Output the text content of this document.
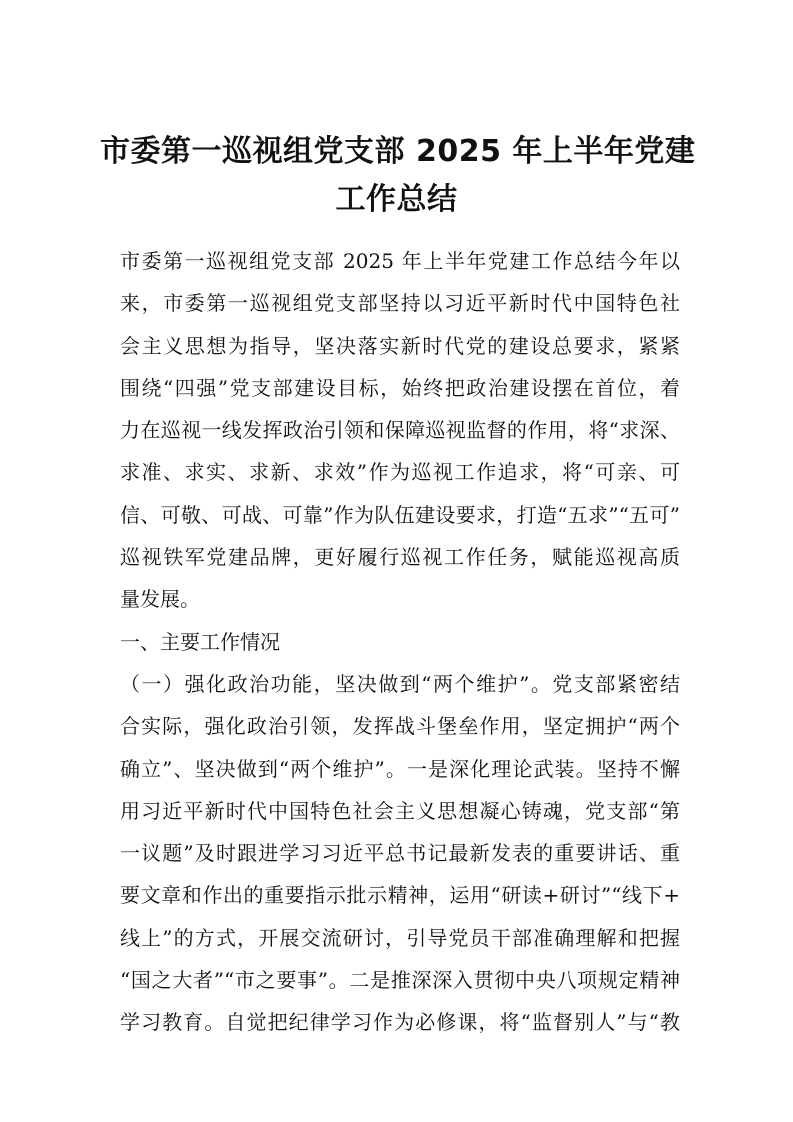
市委第一巡视组党支部 2025 年上半年党建
工作总结
市委第一巡视组党支部 2025 年上半年党建工作总结今年以
来，市委第一巡视组党支部坚持以习近平新时代中国特色社
会主义思想为指导，坚决落实新时代党的建设总要求，紧紧
围绕“四强”党支部建设目标，始终把政治建设摆在首位，着
力在巡视一线发挥政治引领和保障巡视监督的作用，将“求深、
求准、求实、求新、求效”作为巡视工作追求，将“可亲、可
信、可敬、可战、可靠”作为队伍建设要求，打造“五求”“五可”
巡视铁军党建品牌，更好履行巡视工作任务，赋能巡视高质
量发展。
一、主要工作情况
（一）强化政治功能，坚决做到“两个维护”。党支部紧密结
合实际，强化政治引领，发挥战斗堡垒作用，坚定拥护“两个
确立”、坚决做到“两个维护”。一是深化理论武装。坚持不懈
用习近平新时代中国特色社会主义思想凝心铸魂，党支部“第
一议题”及时跟进学习习近平总书记最新发表的重要讲话、重
要文章和作出的重要指示批示精神，运用“研读+研讨”“线下+
线上”的方式，开展交流研讨，引导党员干部准确理解和把握
“国之大者”“市之要事”。二是推深深入贯彻中央八项规定精神
学习教育。自觉把纪律学习作为必修课，将“监督别人”与“教
